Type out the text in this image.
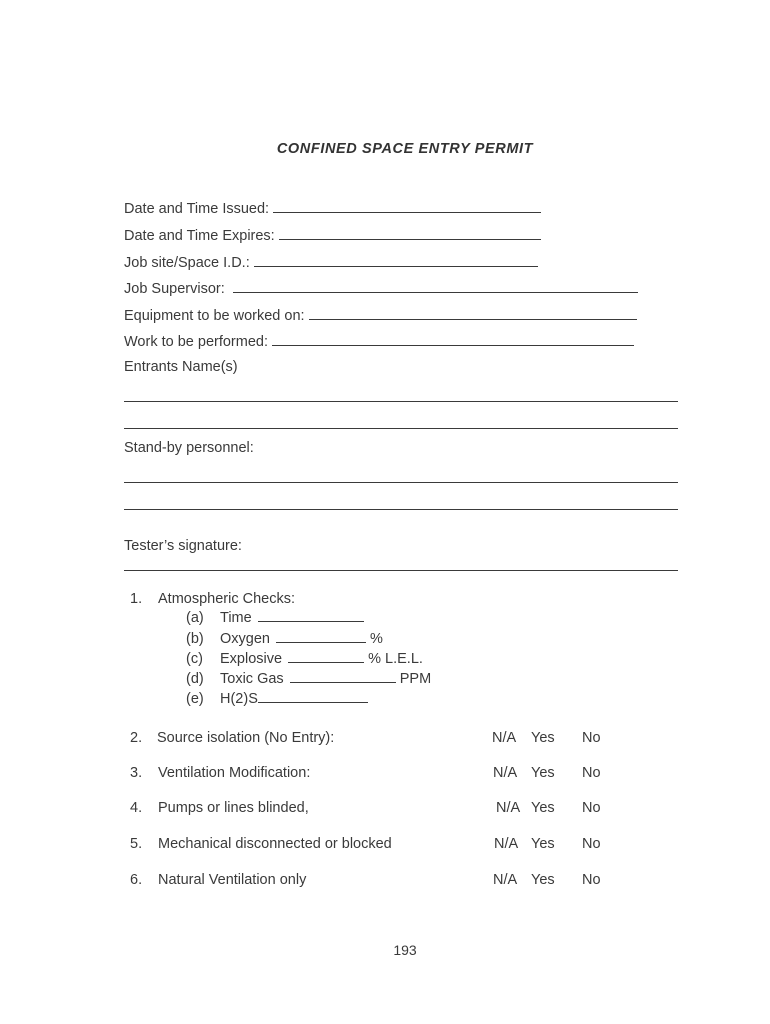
CONFINED SPACE ENTRY PERMIT
Date and Time Issued:
Date and Time Expires:
Job site/Space I.D.:
Job Supervisor:
Equipment to be worked on:
Work to be performed:
Entrants Name(s)
Stand-by personnel:
Tester’s signature:
1. Atmospheric Checks:
(a) Time
(b) Oxygen	%
(c) Explosive	% L.E.L.
(d) Toxic Gas	PPM
(e) H(2)S
2. Source isolation (No Entry):	N/A Yes No
3. Ventilation Modification:	N/A Yes No
4. Pumps or lines blinded,	N/A Yes No
5. Mechanical disconnected or blocked	N/A Yes No
6. Natural Ventilation only	N/A Yes No
193
